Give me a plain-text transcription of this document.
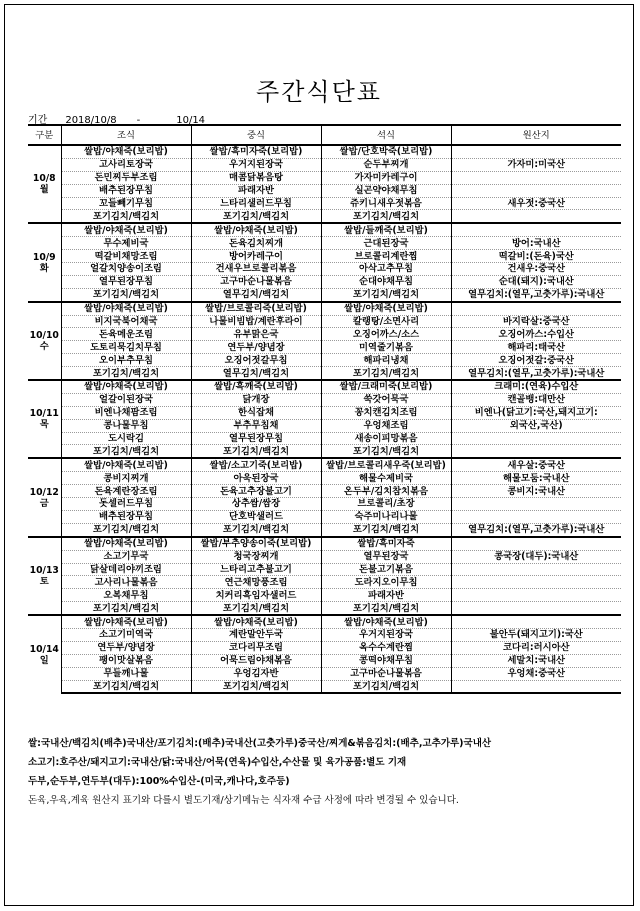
주간식단표
기간 2018/10/8 -	10/14
구분	조식	중식	석식	원산지

10/8
월	쌀밥/야채죽(보리밥)	쌀밥/흑미자죽(보리밥)	쌀밥/단호박죽(보리밥)	
	고사리토장국	우거지된장국	순두부찌개	가자미:미국산
	돈민찌두부조림	매콤닭볶음탕	가자미카레구이	
	배추된장무침	파래자반	실곤약야채무침	
	꼬들빼기무침	느타리샐러드무침	쥬키니새우젓볶음	새우젓:중국산
	포기김치/백김치	포기김치/백김치	포기김치/백김치	

10/9
화	쌀밥/야채죽(보리밥)	쌀밥/야채죽(보리밥)	쌀밥/들깨죽(보리밥)	
	무수제비국	돈육김치찌개	근대된장국	방어:국내산
	떡갈비채망조림	방어카레구이	브로콜리계란찜	떡갈비:(돈육)국산
	얼갈치양송이조림	건새우브로콜리볶음	아삭고추무침	건새우:중국산
	열무된장무침	고구마순나물볶음	순대야채무침	순대(돼지):국내산
	포기김치/백김치	열무김치/백김치	포기김치/백김치	열무김치:(열무,고춧가루):국내산

10/10
수	쌀밥/야채죽(보리밥)	쌀밥/브로콜리죽(보리밥)	쌀밥/야채죽(보리밥)	
	비지국북어채국	나물비빔밥/계란후라이	칼랭탕/소면사리	바지락살:중국산
	돈육메운조림	유부맑은국	오징어까스/소스	오징어까스:수입산
	도토리묵김치무침	연두부/양념장	미역줄기볶음	해파리:태국산
	오이부추무침	오징어젓갈무침	해파리냉채	오징어젓갈:중국산
	포기김치/백김치	열무김치/백김치	포기김치/백김치	열무김치:(열무,고춧가루):국내산

10/11
목	쌀밥/야채죽(보리밥)	쌀밥/흑깨죽(보리밥)	쌀밥/크래미죽(보리밥)	크래미:(연육)수입산
	얼갈이된장국	닭개장	쑥갓어묵국	캔골뱅:대만산
	비엔나채팜조림	한식잡채	꽁치캔김치조림	비엔나(닭고기:국산,돼지고기:
	콩나물무침	부추무침채	우엉채조림	외국산,국산)
	도시락김	열무된장무침	새송이피망볶음	
	포기김치/백김치	포기김치/백김치	포기김치/백김치	

10/12
금	쌀밥/야채죽(보리밥)	쌀밥/소고기죽(보리밥)	쌀밥/브로콜리새우죽(보리밥)	새우살:중국산
	콩비지찌개	아욱된장국	해물수제비국	해물모둠:국내산
	돈육계란장조림	돈육고추장불고기	온두부/김치참치볶음	콩비지:국내산
	돗셀러드무침	상추쌈/쌈장	브로콜리/초장	
	배추된장무침	단호박샐러드	숙주미나리나물	
	포기김치/백김치	포기김치/백김치	포기김치/백김치	열무김치:(열무,고춧가루):국내산

10/13
토	쌀밥/야채죽(보리밥)	쌀밥/부추양송이죽(보리밥)	쌀밥/흑미자죽	
	소고기무국	청국장찌개	열무된장국	콩국장(대두):국내산
	닭살데리야끼조림	느타리고추불고기	돈불고기볶음	
	고사리나물볶음	연근채망풍조림	도라지오이무침	
	오복채무침	치커리흑임자샐러드	파래자반	
	포기김치/백김치	포기김치/백김치	포기김치/백김치	

10/14
일	쌀밥/야채죽(보리밥)	쌀밥/야채죽(보리밥)	쌀밥/야채죽(보리밥)	
	소고기미역국	계란말안두국	우거지된장국	불안두(돼지고기):국산
	연두부/양념장	코다리무조림	옥수수계란찜	코다리:러시아산
	팽이맛살볶음	어묵드림야채볶음	콩떡야채무침	세말치:국내산
	무들깨나물	우엉김자반	고구마순나물볶음	우엉채:중국산
	포기김치/백김치	포기김치/백김치	포기김치/백김치	
쌀:국내산/백김치(배추)국내산/포기김치:(배추)국내산(고춧가루)중국산/찌게&볶음김치:(배추,고추가루)국내산
소고기:호주산/돼지고기:국내산/닭:국내산/어묵(연육)수입산,수산물 및 육가공품:별도 기재
두부,순두부,연두부(대두):100%수입산-(미국,캐나다,호주등)
돈육,우육,계육 원산지 표기와 다를시 별도기재/상기메뉴는 식자재 수급 사정에 따라 변경될 수 있습니다.
